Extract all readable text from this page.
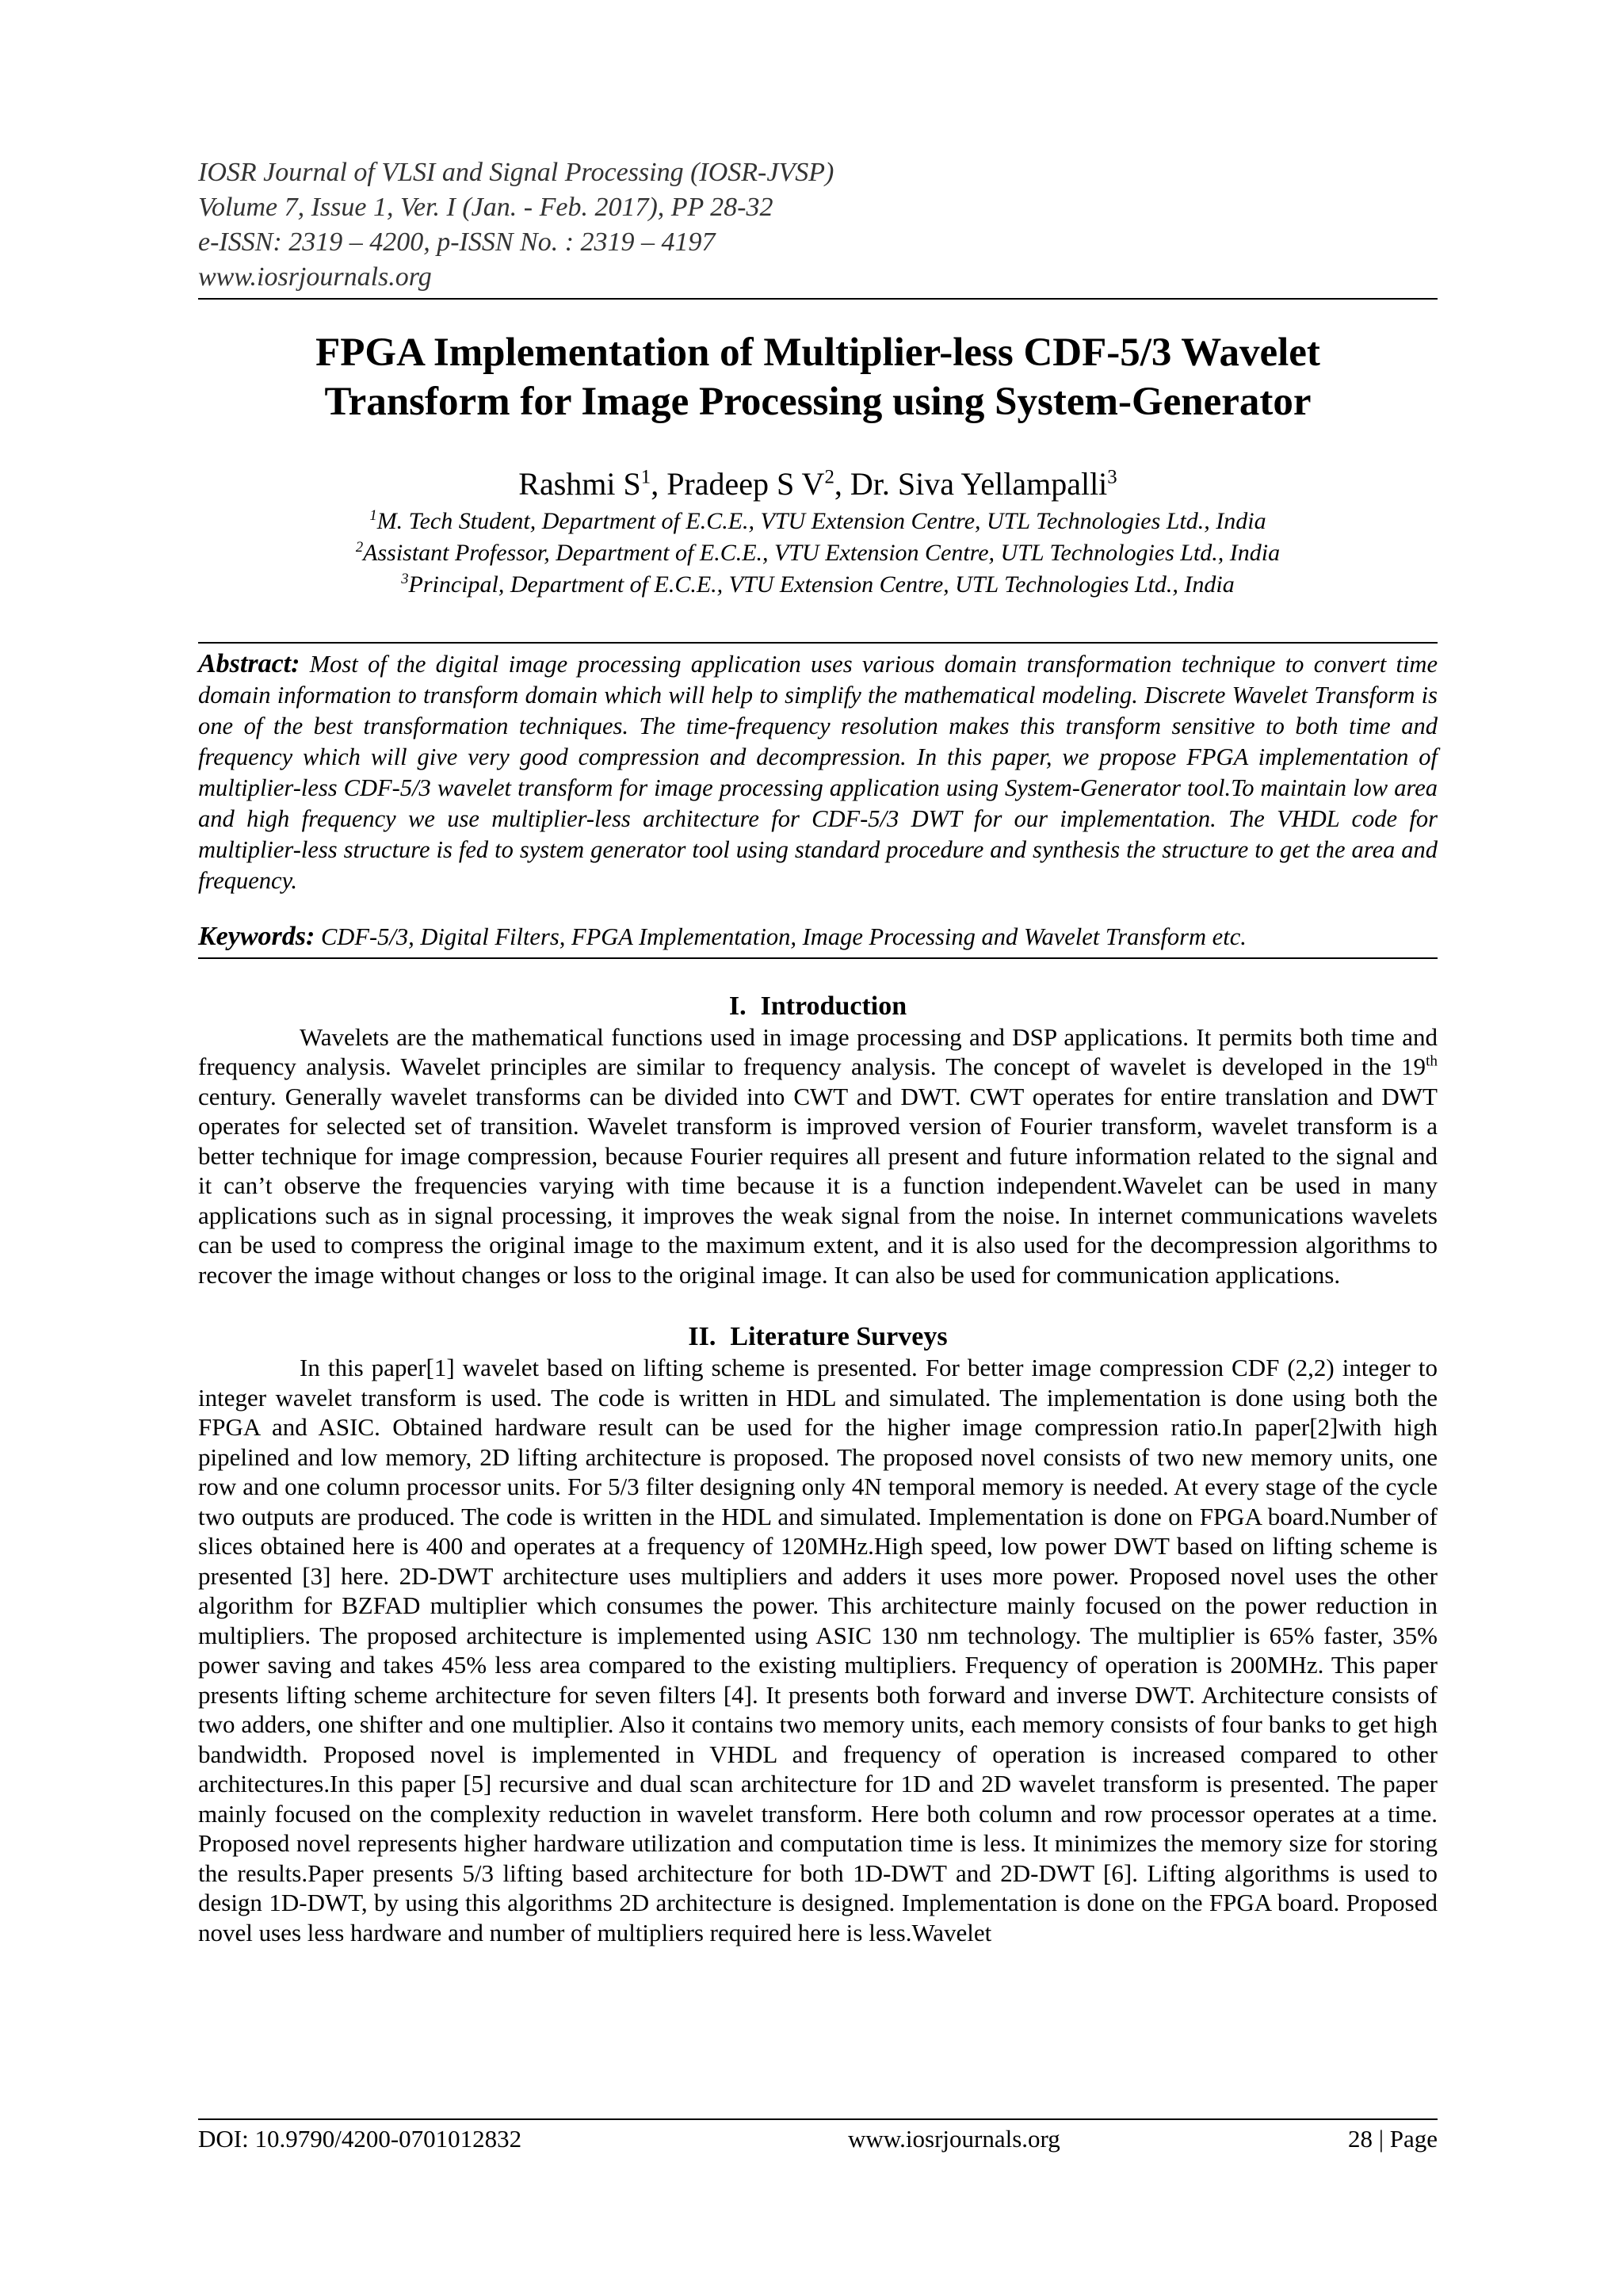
IOSR Journal of VLSI and Signal Processing (IOSR-JVSP)
Volume 7, Issue 1, Ver. I (Jan. - Feb. 2017), PP 28-32
e-ISSN: 2319 – 4200, p-ISSN No. : 2319 – 4197
www.iosrjournals.org
FPGA Implementation of Multiplier-less CDF-5/3 Wavelet
Transform for Image Processing using System-Generator
Rashmi $S^1$, Pradeep S $V^2$, Dr. Siva Yellampalli$^3$
$^1$M. Tech Student, Department of E.C.E., VTU Extension Centre, UTL Technologies Ltd., India
$^2$Assistant Professor, Department of E.C.E., VTU Extension Centre, UTL Technologies Ltd., India
$^3$Principal, Department of E.C.E., VTU Extension Centre, UTL Technologies Ltd., India

Abstract: Most of the digital image processing application uses various domain transformation technique to convert time domain information to transform domain which will help to simplify the mathematical modeling. Discrete Wavelet Transform is one of the best transformation techniques. The time-frequency resolution makes this transform sensitive to both time and frequency which will give very good compression and decompression. In this paper, we propose FPGA implementation of multiplier-less CDF-5/3 wavelet transform for image processing application using System-Generator tool.To maintain low area and high frequency we use multiplier-less architecture for CDF-5/3 DWT for our implementation. The VHDL code for multiplier-less structure is fed to system generator tool using standard procedure and synthesis the structure to get the area and frequency.

Keywords: CDF-5/3, Digital Filters, FPGA Implementation, Image Processing and Wavelet Transform etc.
I. Introduction

Wavelets are the mathematical functions used in image processing and DSP applications. It permits both time and frequency analysis. Wavelet principles are similar to frequency analysis. The concept of wavelet is developed in the 19th century. Generally wavelet transforms can be divided into CWT and DWT. CWT operates for entire translation and DWT operates for selected set of transition. Wavelet transform is improved version of Fourier transform, wavelet transform is a better technique for image compression, because Fourier requires all present and future information related to the signal and it can’t observe the frequencies varying with time because it is a function independent.Wavelet can be used in many applications such as in signal processing, it improves the weak signal from the noise. In internet communications wavelets can be used to compress the original image to the maximum extent, and it is also used for the decompression algorithms to recover the image without changes or loss to the original image. It can also be used for communication applications.

II. Literature Surveys

In this paper[1] wavelet based on lifting scheme is presented. For better image compression CDF (2,2) integer to integer wavelet transform is used. The code is written in HDL and simulated. The implementation is done using both the FPGA and ASIC. Obtained hardware result can be used for the higher image compression ratio.In paper[2]with high pipelined and low memory, 2D lifting architecture is proposed. The proposed novel consists of two new memory units, one row and one column processor units. For 5/3 filter designing only 4N temporal memory is needed. At every stage of the cycle two outputs are produced. The code is written in the HDL and simulated. Implementation is done on FPGA board.Number of slices obtained here is 400 and operates at a frequency of 120MHz.High speed, low power DWT based on lifting scheme is presented [3] here. 2D-DWT architecture uses multipliers and adders it uses more power. Proposed novel uses the other algorithm for BZFAD multiplier which consumes the power. This architecture mainly focused on the power reduction in multipliers. The proposed architecture is implemented using ASIC 130 nm technology. The multiplier is 65% faster, 35% power saving and takes 45% less area compared to the existing multipliers. Frequency of operation is 200MHz. This paper presents lifting scheme architecture for seven filters [4]. It presents both forward and inverse DWT. Architecture consists of two adders, one shifter and one multiplier. Also it contains two memory units, each memory consists of four banks to get high bandwidth. Proposed novel is implemented in VHDL and frequency of operation is increased compared to other architectures.In this paper [5] recursive and dual scan architecture for 1D and 2D wavelet transform is presented. The paper mainly focused on the complexity reduction in wavelet transform. Here both column and row processor operates at a time. Proposed novel represents higher hardware utilization and computation time is less. It minimizes the memory size for storing the results.Paper presents 5/3 lifting based architecture for both 1D-DWT and 2D-DWT [6]. Lifting algorithms is used to design 1D-DWT, by using this algorithms 2D architecture is designed. Implementation is done on the FPGA board. Proposed novel uses less hardware and number of multipliers required here is less.Wavelet

DOI: 10.9790/4200-0701012832	www.iosrjournals.org	28 | Page
